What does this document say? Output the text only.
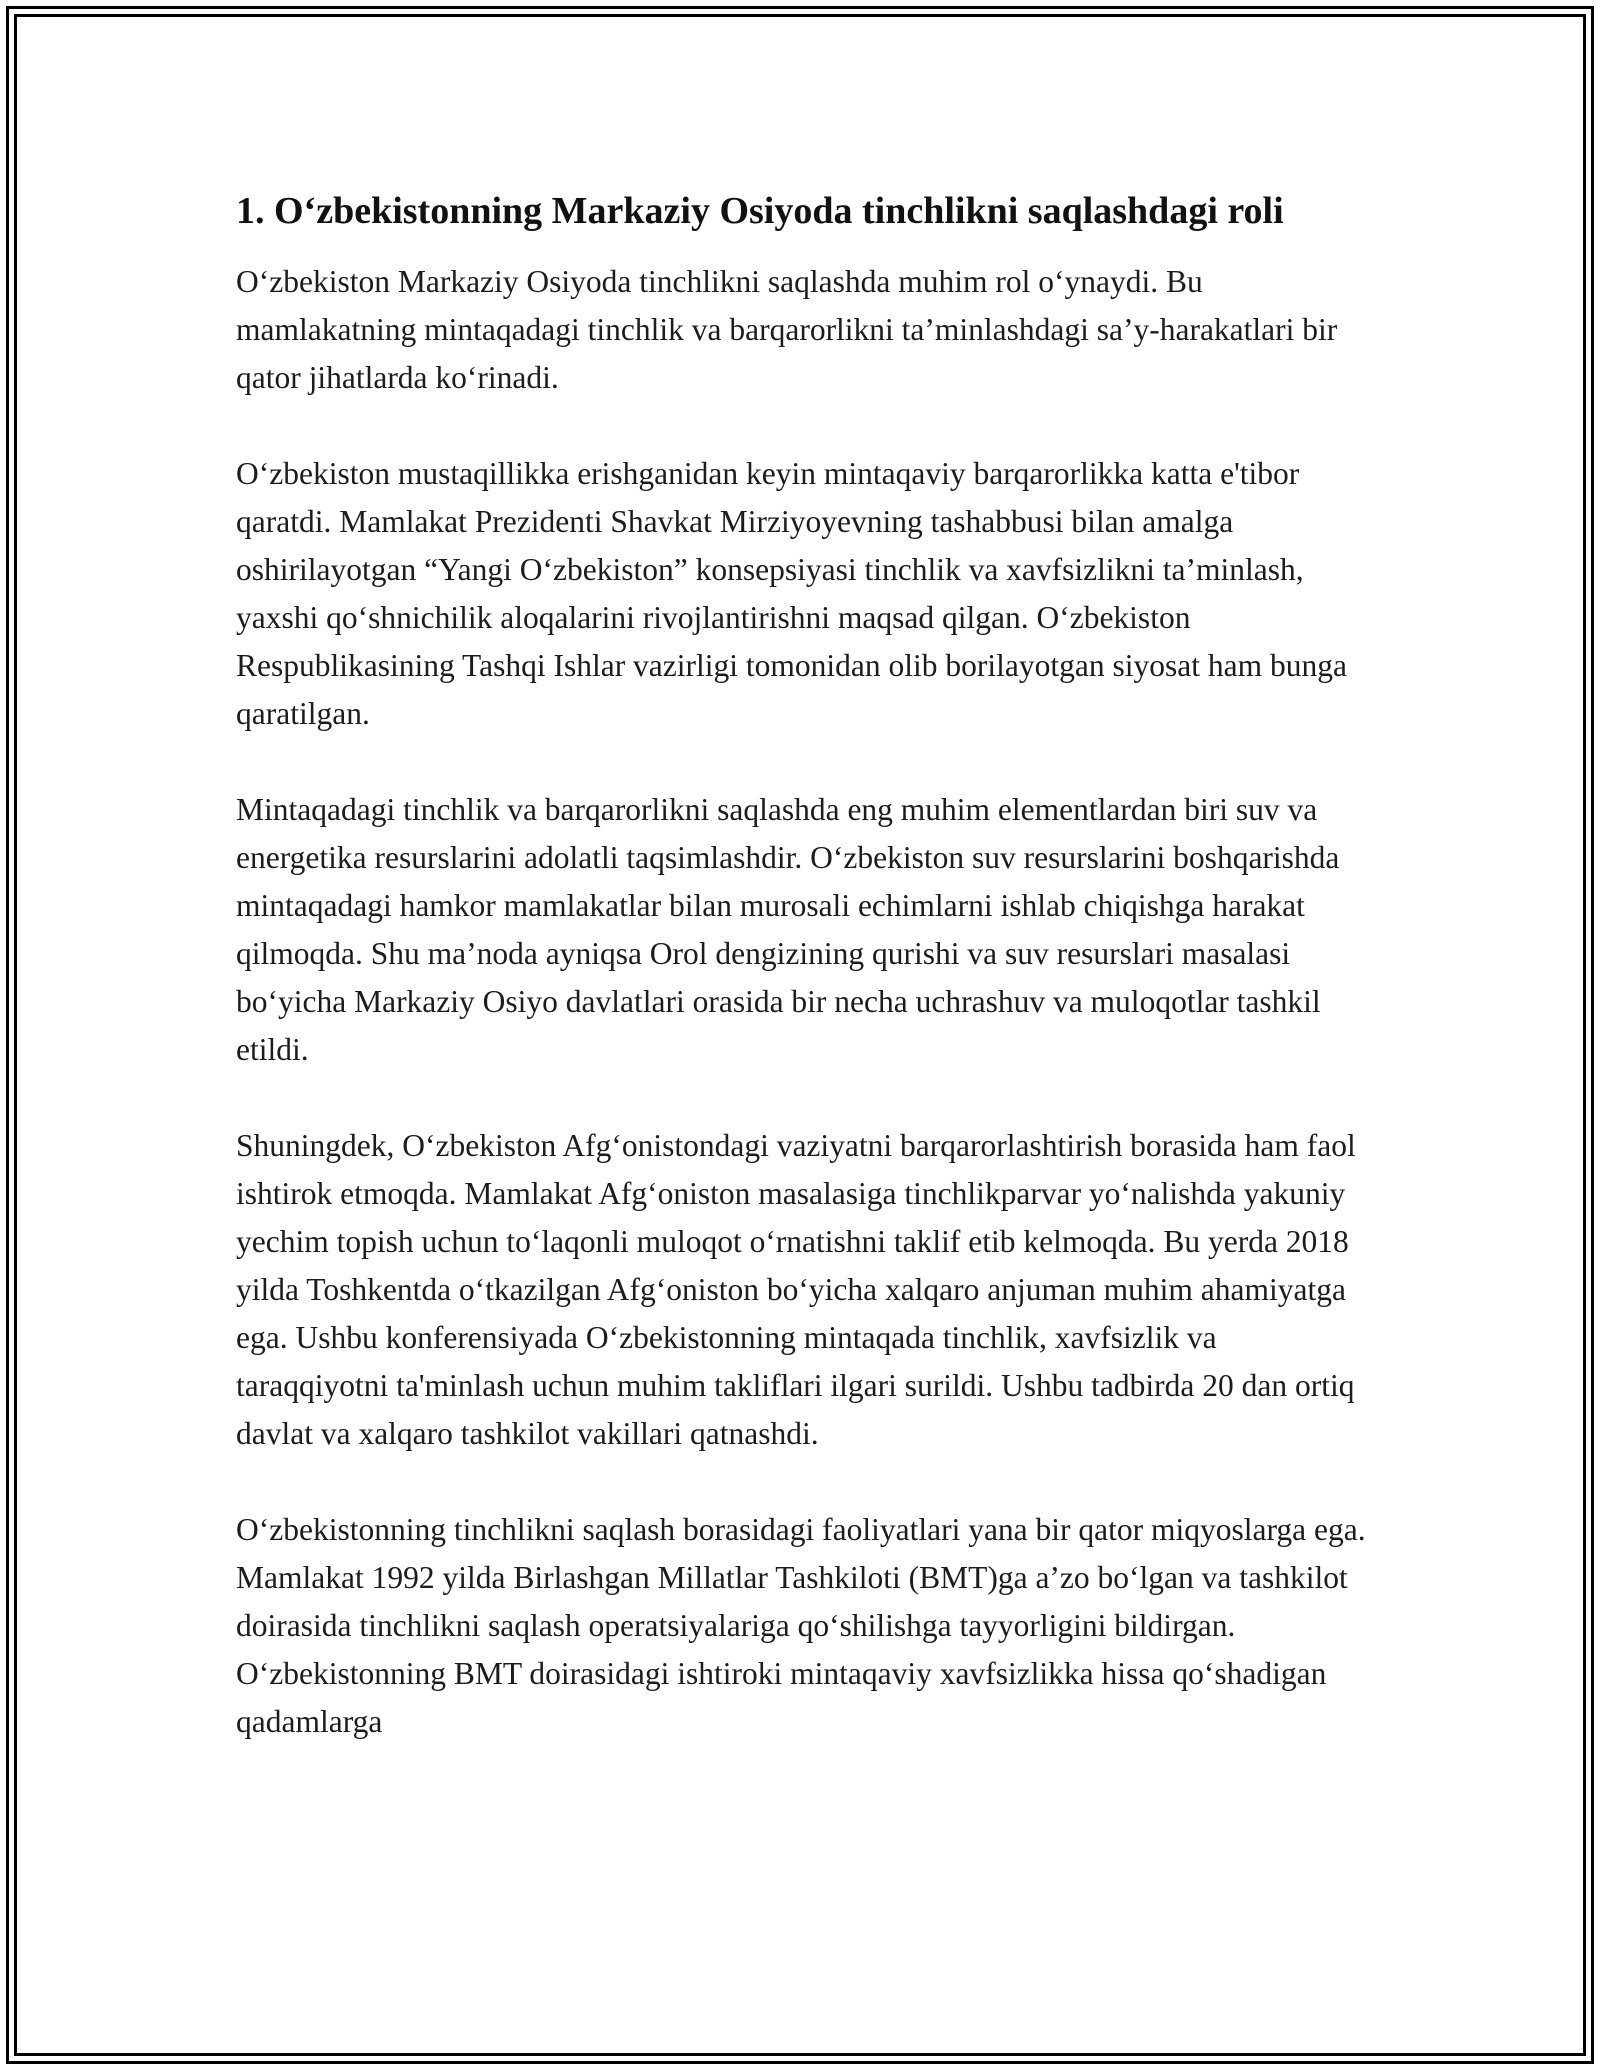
1. O‘zbekistonning Markaziy Osiyoda tinchlikni saqlashdagi roli

O‘zbekiston Markaziy Osiyoda tinchlikni saqlashda muhim rol o‘ynaydi. Bu mamlakatning mintaqadagi tinchlik va barqarorlikni ta’minlashdagi sa’y-harakatlari bir qator jihatlarda ko‘rinadi.

O‘zbekiston mustaqillikka erishganidan keyin mintaqaviy barqarorlikka katta e'tibor qaratdi. Mamlakat Prezidenti Shavkat Mirziyoyevning tashabbusi bilan amalga oshirilayotgan “Yangi O‘zbekiston” konsepsiyasi tinchlik va xavfsizlikni ta’minlash, yaxshi qo‘shnichilik aloqalarini rivojlantirishni maqsad qilgan. O‘zbekiston Respublikasining Tashqi Ishlar vazirligi tomonidan olib borilayotgan siyosat ham bunga qaratilgan.

Mintaqadagi tinchlik va barqarorlikni saqlashda eng muhim elementlardan biri suv va energetika resurslarini adolatli taqsimlashdir. O‘zbekiston suv resurslarini boshqarishda mintaqadagi hamkor mamlakatlar bilan murosali echimlarni ishlab chiqishga harakat qilmoqda. Shu ma’noda ayniqsa Orol dengizining qurishi va suv resurslari masalasi bo‘yicha Markaziy Osiyo davlatlari orasida bir necha uchrashuv va muloqotlar tashkil etildi.

Shuningdek, O‘zbekiston Afg‘onistondagi vaziyatni barqarorlashtirish borasida ham faol ishtirok etmoqda. Mamlakat Afg‘oniston masalasiga tinchlikparvar yo‘nalishda yakuniy yechim topish uchun to‘laqonli muloqot o‘rnatishni taklif etib kelmoqda. Bu yerda 2018 yilda Toshkentda o‘tkazilgan Afg‘oniston bo‘yicha xalqaro anjuman muhim ahamiyatga ega. Ushbu konferensiyada O‘zbekistonning mintaqada tinchlik, xavfsizlik va taraqqiyotni ta'minlash uchun muhim takliflari ilgari surildi. Ushbu tadbirda 20 dan ortiq davlat va xalqaro tashkilot vakillari qatnashdi.

O‘zbekistonning tinchlikni saqlash borasidagi faoliyatlari yana bir qator miqyoslarga ega. Mamlakat 1992 yilda Birlashgan Millatlar Tashkiloti (BMT)ga a’zo bo‘lgan va tashkilot doirasida tinchlikni saqlash operatsiyalariga qo‘shilishga tayyorligini bildirgan. O‘zbekistonning BMT doirasidagi ishtiroki mintaqaviy xavfsizlikka hissa qo‘shadigan qadamlarga
